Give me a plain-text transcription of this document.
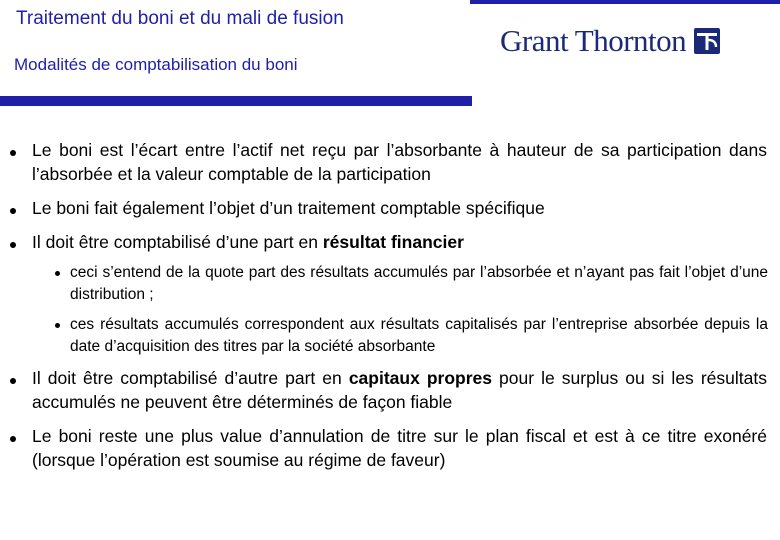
Traitement du boni et du mali de fusion

Modalités de comptabilisation du boni

Grant Thornton
Le boni est l’écart entre l’actif net reçu par l’absorbante à hauteur de sa participation dans l’absorbée et la valeur comptable de la participation
Le boni fait également l’objet d’un traitement comptable spécifique
Il doit être comptabilisé d’une part en résultat financier
ceci s’entend de la quote part des résultats accumulés par l’absorbée et n’ayant pas fait l’objet d’une distribution ;
ces résultats accumulés correspondent aux résultats capitalisés par l’entreprise absorbée depuis la date d’acquisition des titres par la société absorbante
Il doit être comptabilisé d’autre part en capitaux propres pour le surplus ou si les résultats accumulés ne peuvent être déterminés de façon fiable
Le boni reste une plus value d’annulation de titre sur le plan fiscal et est à ce titre exonéré (lorsque l’opération est soumise au régime de faveur)
